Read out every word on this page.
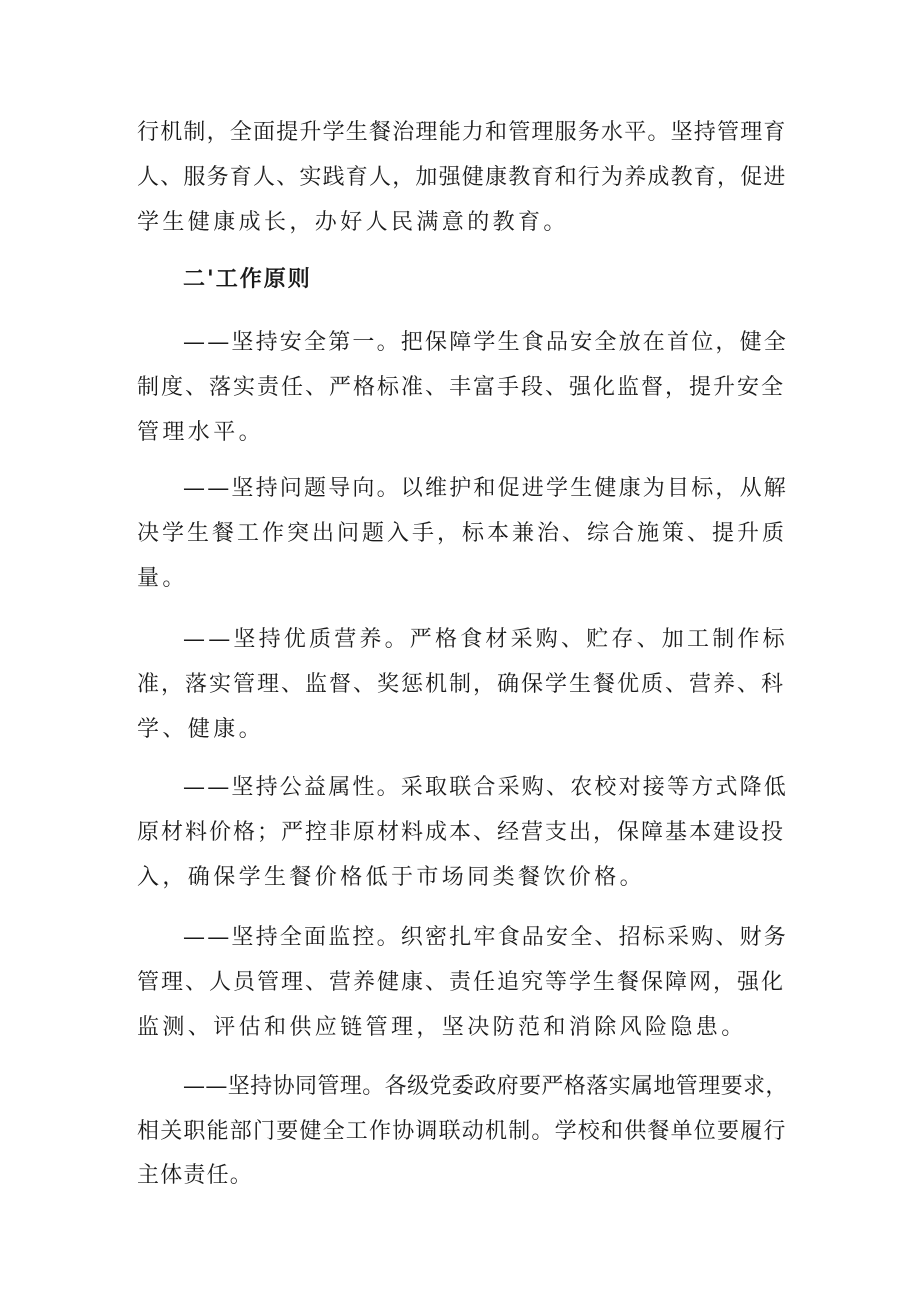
行机制，全面提升学生餐治理能力和管理服务水平。坚持管理育
人、服务育人、实践育人，加强健康教育和行为养成教育，促进
学生健康成长，办好人民满意的教育。
二'工作原则
——坚持安全第一。把保障学生食品安全放在首位，健全
制度、落实责任、严格标准、丰富手段、强化监督，提升安全
管理水平。
——坚持问题导向。以维护和促进学生健康为目标，从解
决学生餐工作突出问题入手，标本兼治、综合施策、提升质
量。
——坚持优质营养。严格食材采购、贮存、加工制作标
准，落实管理、监督、奖惩机制，确保学生餐优质、营养、科
学、健康。
——坚持公益属性。采取联合采购、农校对接等方式降低
原材料价格；严控非原材料成本、经营支出，保障基本建设投
入，确保学生餐价格低于市场同类餐饮价格。
——坚持全面监控。织密扎牢食品安全、招标采购、财务
管理、人员管理、营养健康、责任追究等学生餐保障网，强化
监测、评估和供应链管理，坚决防范和消除风险隐患。
——坚持协同管理。各级党委政府要严格落实属地管理要求，
相关职能部门要健全工作协调联动机制。学校和供餐单位要履行
主体责任。
